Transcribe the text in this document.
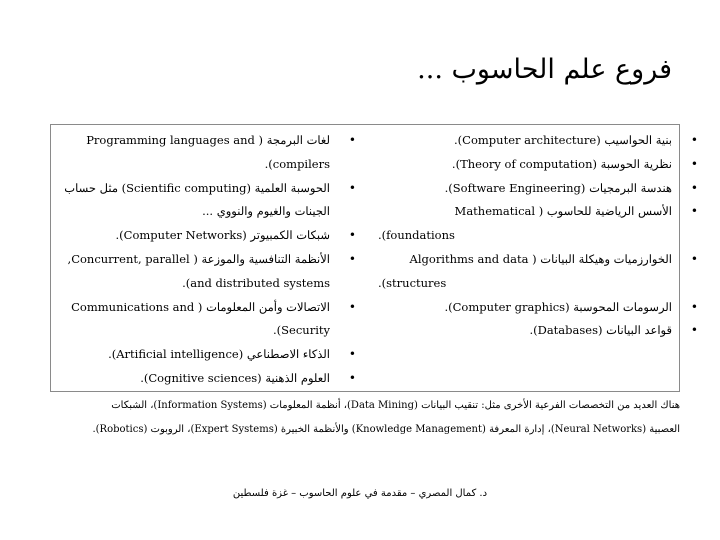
فروع علم الحاسوب ...
•
بنية الحواسيب (Computer architecture).
•
نظرية الحوسبة (Theory of computation).
•
هندسة البرمجيات (Software Engineering).
•
الأسس الرياضية للحاسوب ( Mathematical
foundations).
•
الخوارزميات وهيكلة البيانات ( Algorithms and data
structures).
•
الرسومات المحوسبة (Computer graphics).
•
قواعد البيانات (Databases).
•
لغات البرمجة ( Programming languages and
compilers).
•
الحوسبة العلمية (Scientific computing) مثل حساب
الجينات والغيوم والنووي ...
•
شبكات الكمبيوتر (Computer Networks).
•
الأنظمة التنافسية والموزعة ( Concurrent, parallel,
and distributed systems).
•
الاتصالات وأمن المعلومات ( Communications and
Security).
•
الذكاء الاصطناعي (Artificial intelligence).
•
العلوم الذهنية (Cognitive sciences).
هناك العديد من التخصصات الفرعية الأخرى مثل: تنقيب البيانات (Data Mining)، أنظمة المعلومات (Information Systems)، الشبكات
العصبية (Neural Networks)، إدارة المعرفة (Knowledge Management) والأنظمة الخبيرة (Expert Systems)، الروبوت (Robotics).
د. كمال المصري – مقدمة في علوم الحاسوب – غزة فلسطين
